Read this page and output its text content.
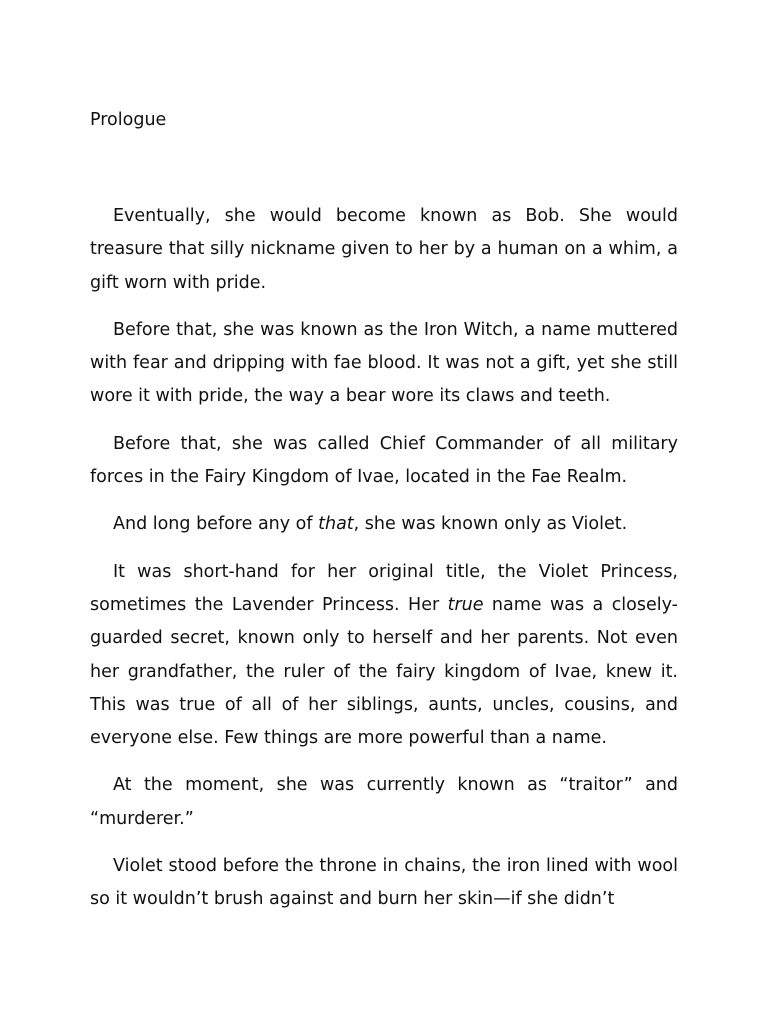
Prologue

Eventually, she would become known as Bob. She would treasure that silly nickname given to her by a human on a whim, a gift worn with pride.

Before that, she was known as the Iron Witch, a name muttered with fear and dripping with fae blood. It was not a gift, yet she still wore it with pride, the way a bear wore its claws and teeth.

Before that, she was called Chief Commander of all military forces in the Fairy Kingdom of Ivae, located in the Fae Realm.

And long before any of that, she was known only as Violet.

It was short-hand for her original title, the Violet Princess, sometimes the Lavender Princess. Her true name was a closely-guarded secret, known only to herself and her parents. Not even her grandfather, the ruler of the fairy kingdom of Ivae, knew it. This was true of all of her siblings, aunts, uncles, cousins, and everyone else. Few things are more powerful than a name.

At the moment, she was currently known as “traitor” and “murderer.”

Violet stood before the throne in chains, the iron lined with wool so it wouldn’t brush against and burn her skin—if she didn’t
